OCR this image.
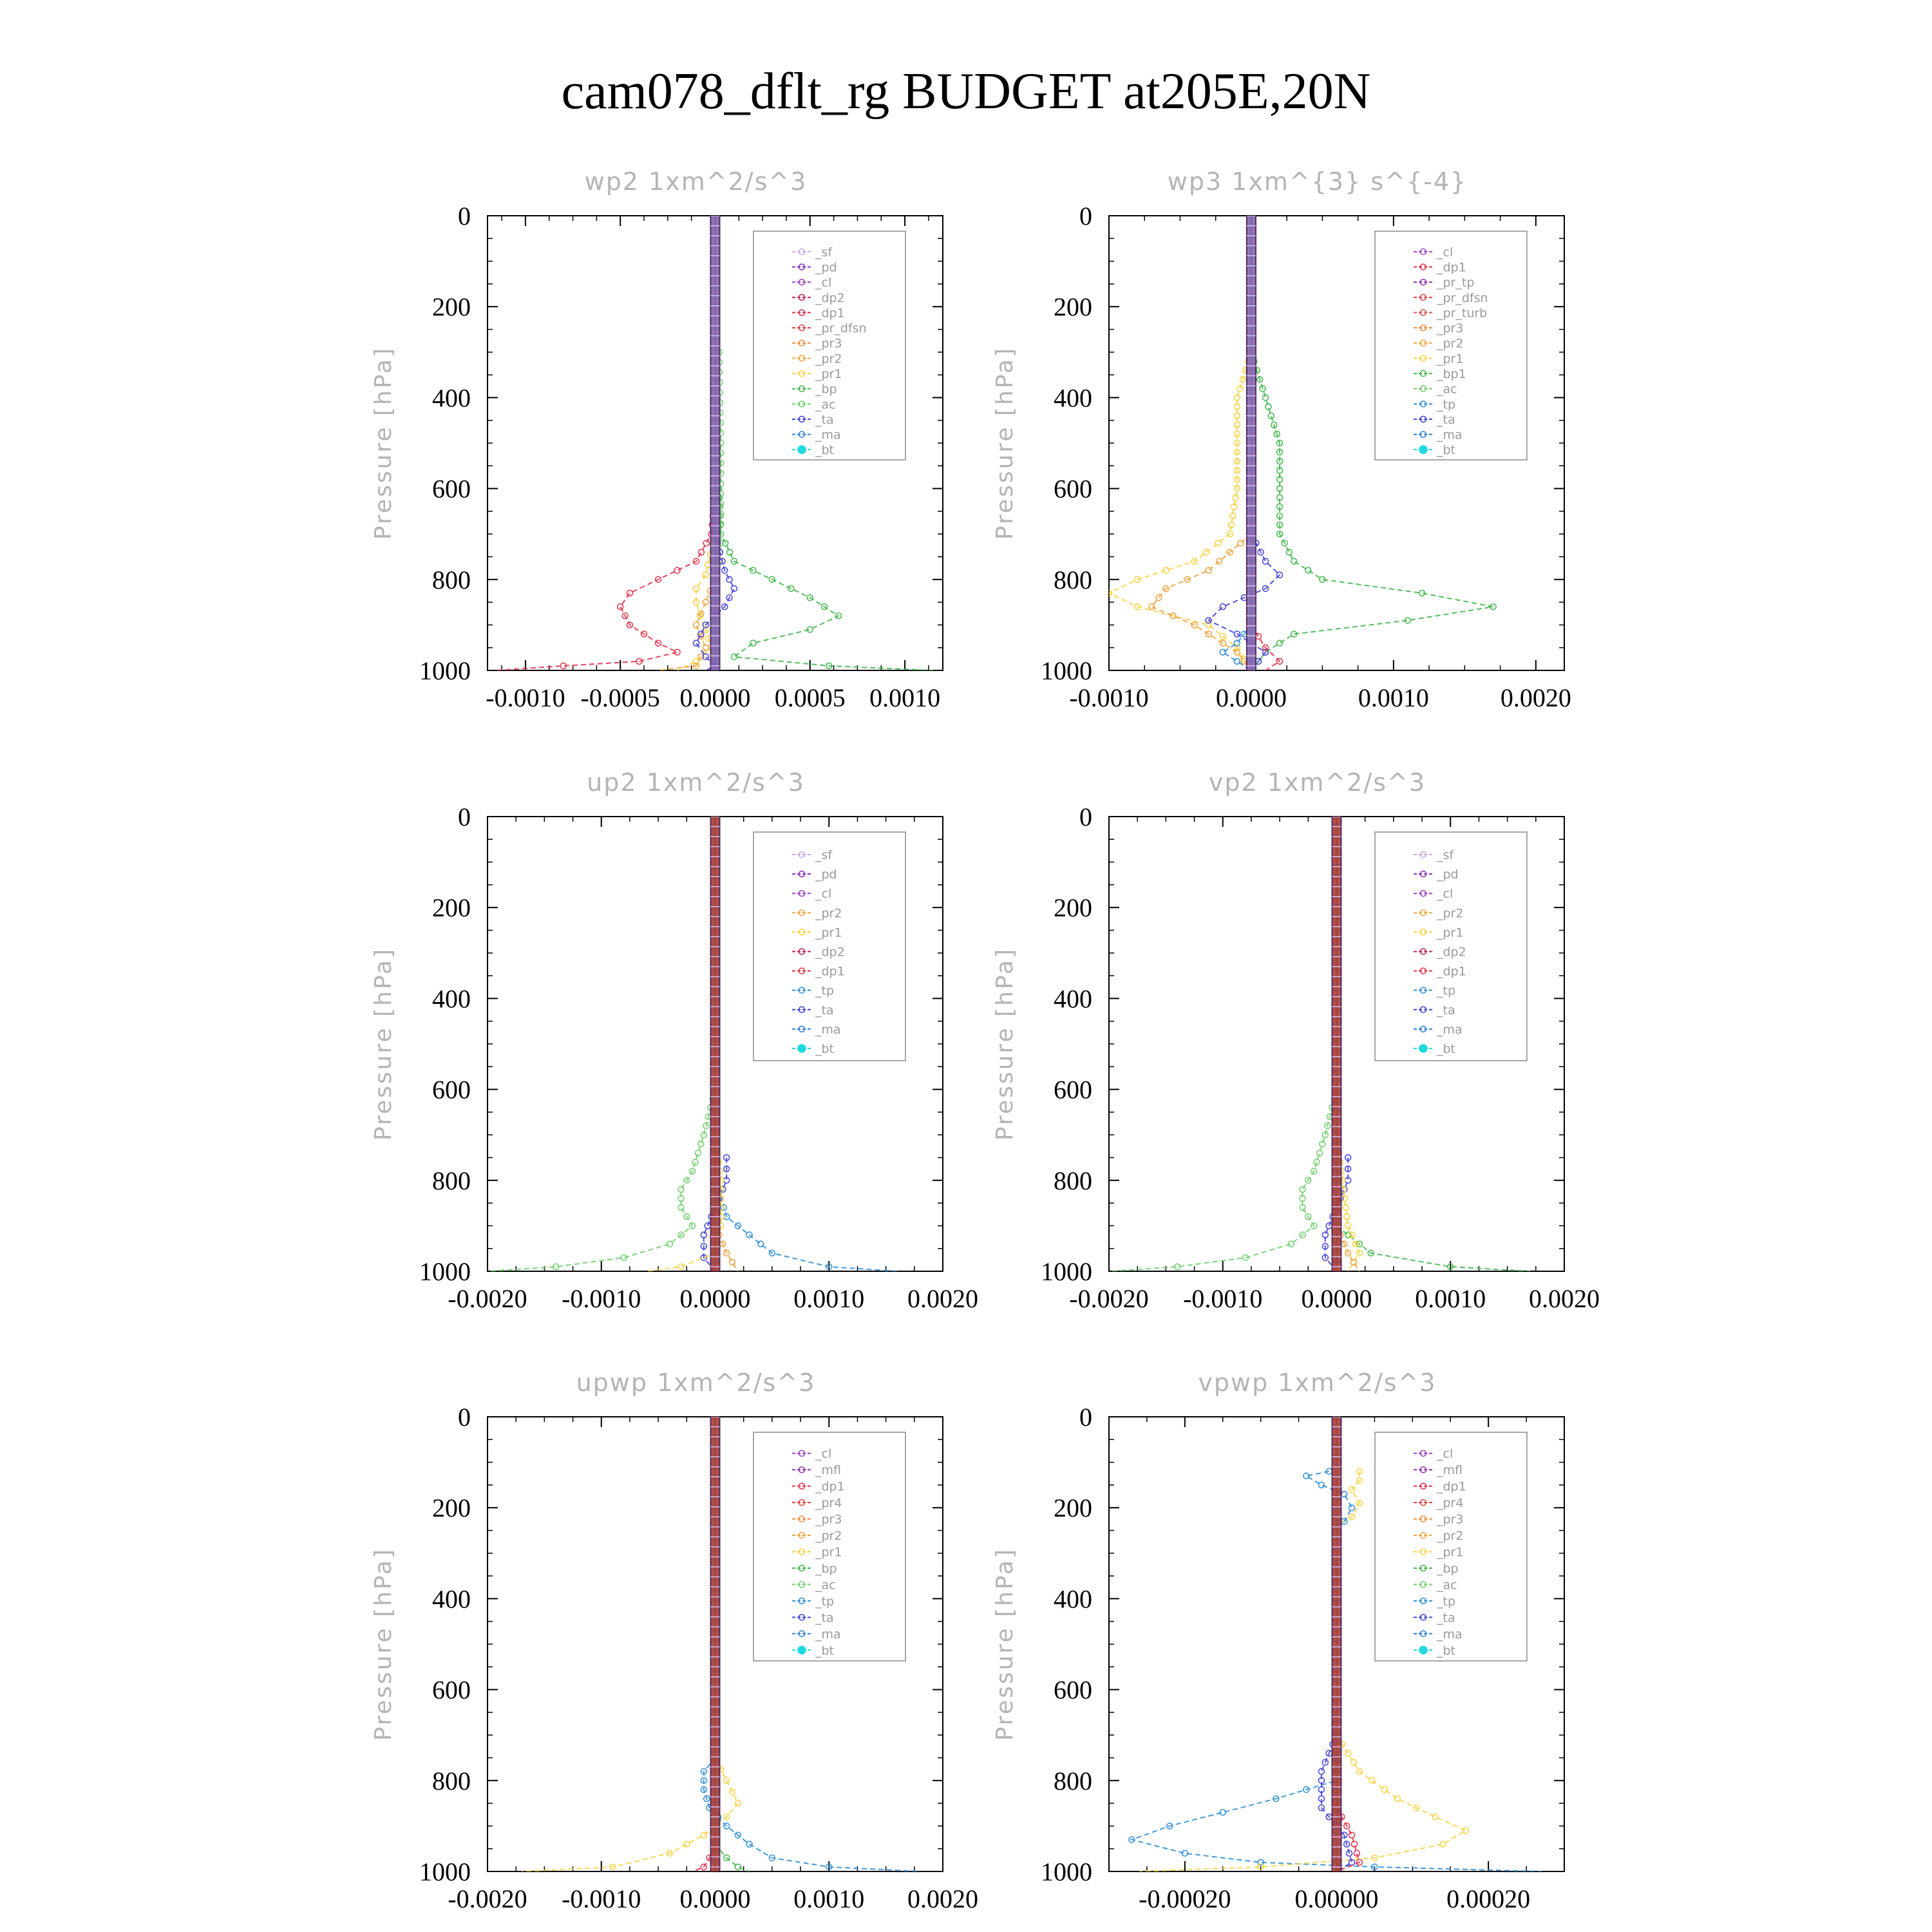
cam078_dflt_rg BUDGET at205E,20N
wp2 1xm^2/s^3
0
200
400
600
800
1000
-0.0010 -0.0005 0.0000 0.0005 0.0010
Pressure [hPa]
_sf
_pd
_cl
_dp2
_dp1
_pr_dfsn
_pr3
_pr2
_pr1
_bp
_ac
_ta
_ma
_bt
wp3 1xm^{3} s^{-4}
0
200
400
600
800
1000
-0.0010	0.0000	0.0010	0.0020
Pressure [hPa]
_cl
_dp1
_pr_tp
_pr_dfsn
_pr_turb
_pr3
_pr2
_pr1
_bp1
_ac
_tp
_ta
_ma
_bt
up2 1xm^2/s^3
0
200
400
600
800
1000
-0.0020 -0.0010 0.0000 0.0010 0.0020
Pressure [hPa]
_sf
_pd
_cl
_pr2
_pr1
_dp2
_dp1
_tp
_ta
_ma
_bt
vp2 1xm^2/s^3
0
200
400
600
800
1000
-0.0020 -0.0010 0.0000 0.0010 0.0020
Pressure [hPa]
_sf
_pd
_cl
_pr2
_pr1
_dp2
_dp1
_tp
_ta
_ma
_bt
upwp 1xm^2/s^3
0
200
400
600
800
1000
-0.0020 -0.0010 0.0000 0.0010 0.0020
Pressure [hPa]
_cl
_mfl
_dp1
_pr4
_pr3
_pr2
_pr1
_bp
_ac
_tp
_ta
_ma
_bt
vpwp 1xm^2/s^3
0
200
400
600
800
1000
-0.00020 0.00000	0.00020
Pressure [hPa]
_cl
_mfl
_dp1
_pr4
_pr3
_pr2
_pr1
_bp
_ac
_tp
_ta
_ma
_bt
